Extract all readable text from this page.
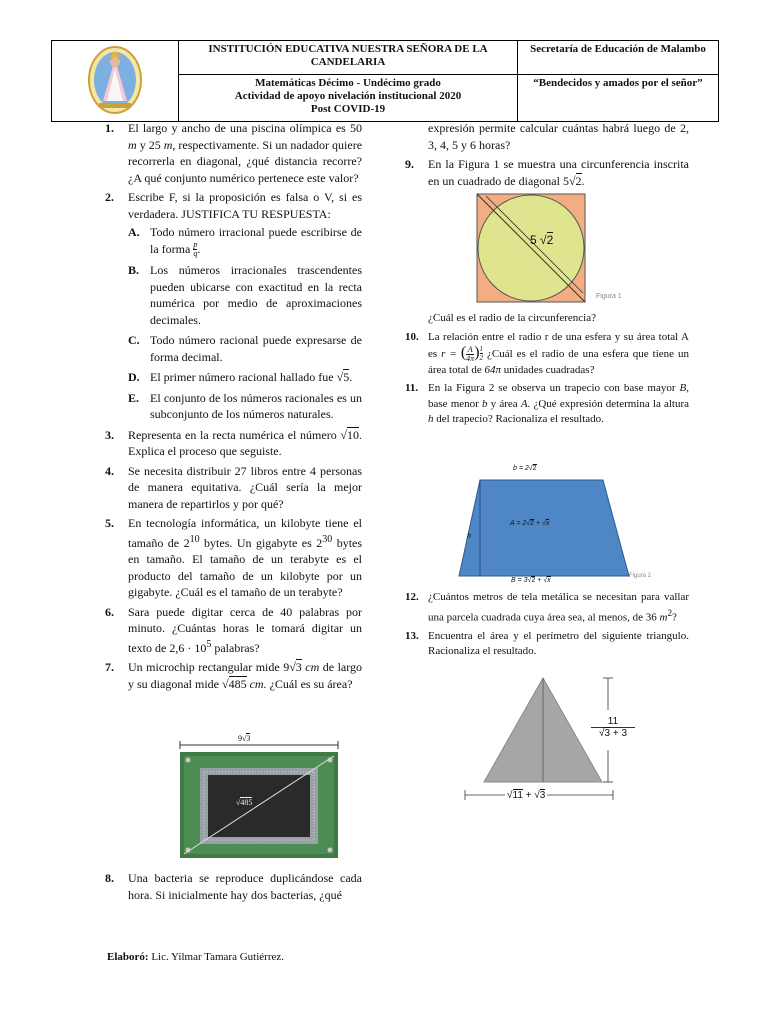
	INSTITUCIÓN EDUCATIVA NUESTRA SEÑORA DE LA CANDELARIA	Secretaría de Educación de Malambo

	Matemáticas Décimo - Undécimo grado
Actividad de apoyo nivelación institucional 2020
Post COVID-19	“Bendecidos y amados por el señor”
1. El largo y ancho de una piscina olímpica es 50 m y 25 m, respectivamente. Si un nadador quiere recorrerla en diagonal, ¿qué distancia recorre? ¿A qué conjunto numérico pertenece este valor?
2. Escribe F, si la proposición es falsa o V, si es verdadera. JUSTIFICA TU RESPUESTA:
A. Todo número irracional puede escribirse de la forma $\frac{p}{q}$ .
B. Los números irracionales trascendentes pueden ubicarse con exactitud en la recta numérica por medio de aproximaciones decimales.
C. Todo número racional puede expresarse de forma decimal.
D. El primer número racional hallado fue √5.
E. El conjunto de los números racionales es un subconjunto de los números naturales.
3. Representa en la recta numérica el número √10. Explica el proceso que seguiste.
4. Se necesita distribuir 27 libros entre 4 personas de manera equitativa. ¿Cuál sería la mejor manera de repartirlos y por qué?
5. En tecnología informática, un kilobyte tiene el tamaño de $2^{10}$ bytes. Un gigabyte es $2^{30}$ bytes en tamaño. El tamaño de un terabyte es el producto del tamaño de un kilobyte por un gigabyte. ¿Cuál es el tamaño de un terabyte?
6. Sara puede digitar cerca de 40 palabras por minuto. ¿Cuántas horas le tomará digitar un texto de $2,6 \cdot 10^5$ palabras?
7. Un microchip rectangular mide 9√3 cm de largo y su diagonal mide √485 cm. ¿Cuál es su área?
9√3
√485
8. Una bacteria se reproduce duplicándose cada hora. Si inicialmente hay dos bacterias, ¿qué
expresión permite calcular cuántas habrá luego de 2, 3, 4, 5 y 6 horas?
9. En la Figura 1 se muestra una circunferencia inscrita en un cuadrado de diagonal 5√2.
5 √2
Figura 1
¿Cuál es el radio de la circunferencia?
10. La relación entre el radio r de una esfera y su área total A es r = ( $\frac{A}{4\pi}$ ) $^{\frac{1}{2}}$ ¿Cuál es el radio de una esfera que tiene un área total de 64π unidades cuadradas?
11. En la Figura 2 se observa un trapecio con base mayor B, base menor b y área A. ¿Qué expresión determina la altura h del trapecio? Racionaliza el resultado.
b = 2√2
h
A = 2√2 + √x
B = 3√2 + √x
Figura 2
12. ¿Cuántos metros de tela metálica se necesitan para vallar una parcela cuadrada cuya área sea, al menos, de 36 $m^2$?
13. Encuentra el área y el perímetro del siguiente triangulo. Racionaliza el resultado.
$\frac{11}{√3 + 3}$
√11 + √3
Elaboró: Lic. Yilmar Tamara Gutiérrez.
